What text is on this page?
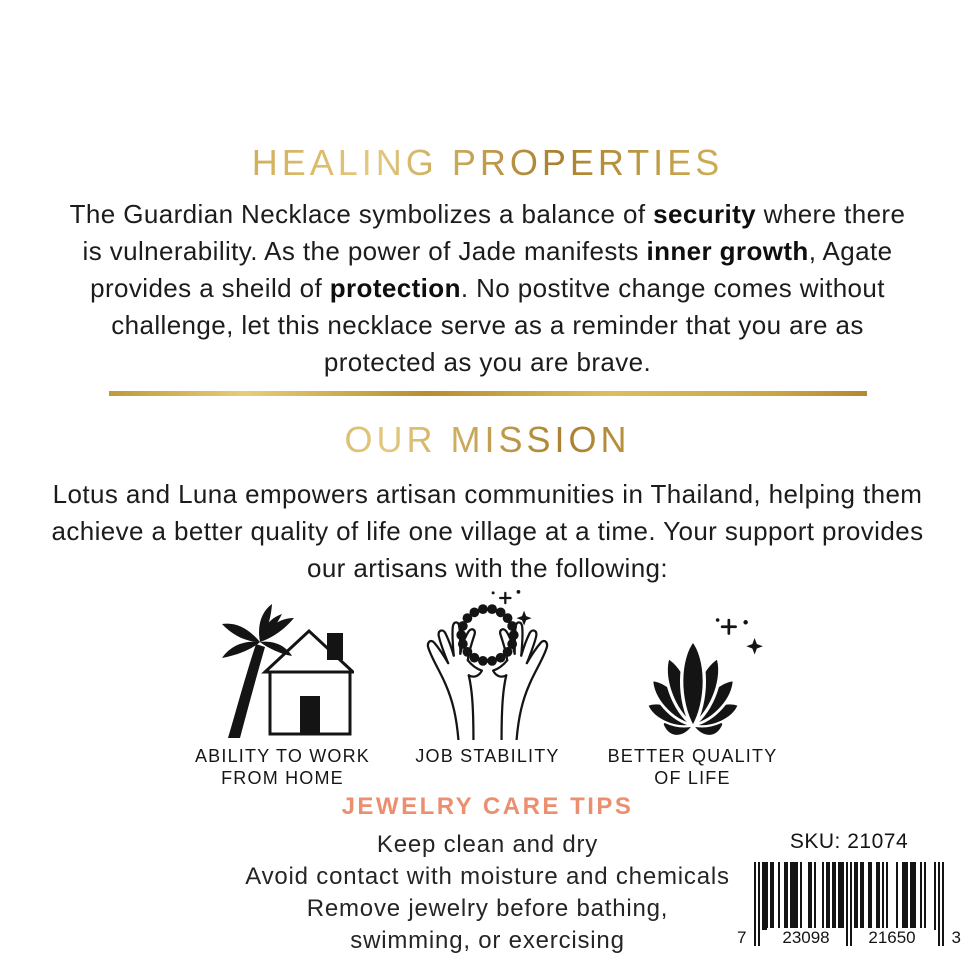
HEALING PROPERTIES
The Guardian Necklace symbolizes a balance of security where there is vulnerability. As the power of Jade manifests inner growth, Agate provides a sheild of protection. No postitve change comes without challenge, let this necklace serve as a reminder that you are as protected as you are brave.
OUR MISSION
Lotus and Luna empowers artisan communities in Thailand, helping them achieve a better quality of life one village at a time. Your support provides our artisans with the following:
ABILITY TO WORK
FROM HOME
JOB STABILITY	BETTER QUALITY
OF LIFE
JEWELRY CARE TIPS
Keep clean and dry
Avoid contact with moisture and chemicals
Remove jewelry before bathing,
swimming, or exercising
SKU: 21074
7	23098	21650	3
